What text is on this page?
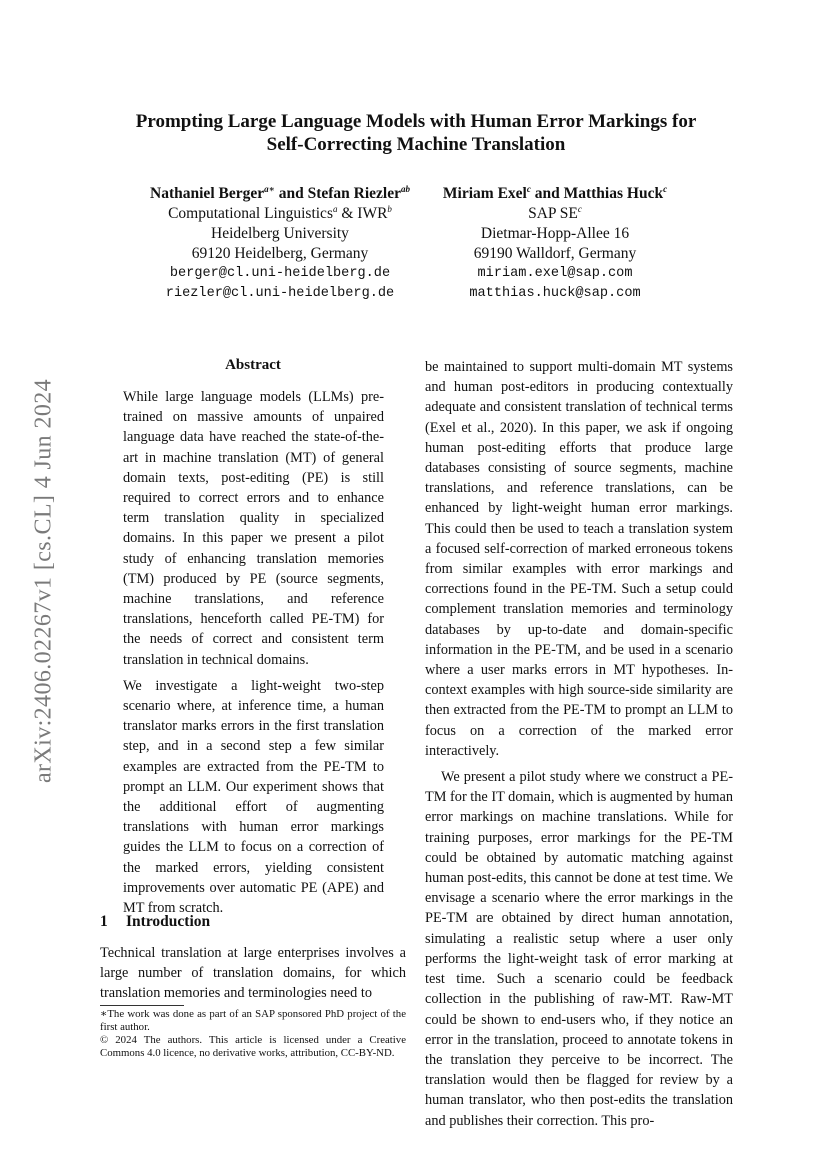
arXiv:2406.02267v1 [cs.CL] 4 Jun 2024
Prompting Large Language Models with Human Error Markings for
Self-Correcting Machine Translation
Nathaniel Berger$^{a∗}$ and Stefan Riezler$^{ab}$
Computational Linguistics$^a$ & IWR$^b$
Heidelberg University
69120 Heidelberg, Germany
berger@cl.uni-heidelberg.de
riezler@cl.uni-heidelberg.de
Miriam Exel$^c$ and Matthias Huck$^c$
SAP $SE^c$
Dietmar-Hopp-Allee 16
69190 Walldorf, Germany
miriam.exel@sap.com
matthias.huck@sap.com
Abstract

While large language models (LLMs) pre-trained on massive amounts of unpaired language data have reached the state-of-the-art in machine translation (MT) of general domain texts, post-editing (PE) is still required to correct errors and to enhance term translation quality in specialized domains. In this paper we present a pilot study of enhancing translation memories (TM) produced by PE (source segments, machine translations, and reference translations, henceforth called PE-TM) for the needs of correct and consistent term translation in technical domains.

We investigate a light-weight two-step scenario where, at inference time, a human translator marks errors in the first translation step, and in a second step a few similar examples are extracted from the PE-TM to prompt an LLM. Our experiment shows that the additional effort of augmenting translations with human error markings guides the LLM to focus on a correction of the marked errors, yielding consistent improvements over automatic PE (APE) and MT from scratch.

1 Introduction

Technical translation at large enterprises involves a large number of translation domains, for which translation memories and terminologies need to

∗The work was done as part of an SAP sponsored PhD project of the first author.

© 2024 The authors. This article is licensed under a Creative Commons 4.0 licence, no derivative works, attribution, CC-BY-ND.

be maintained to support multi-domain MT systems and human post-editors in producing contextually adequate and consistent translation of technical terms (Exel et al., 2020). In this paper, we ask if ongoing human post-editing efforts that produce large databases consisting of source segments, machine translations, and reference translations, can be enhanced by light-weight human error markings. This could then be used to teach a translation system a focused self-correction of marked erroneous tokens from similar examples with error markings and corrections found in the PE-TM. Such a setup could complement translation memories and terminology databases by up-to-date and domain-specific information in the PE-TM, and be used in a scenario where a user marks errors in MT hypotheses. In-context examples with high source-side similarity are then extracted from the PE-TM to prompt an LLM to focus on a correction of the marked error interactively.

We present a pilot study where we construct a PE-TM for the IT domain, which is augmented by human error markings on machine translations. While for training purposes, error markings for the PE-TM could be obtained by automatic matching against human post-edits, this cannot be done at test time. We envisage a scenario where the error markings in the PE-TM are obtained by direct human annotation, simulating a realistic setup where a user only performs the light-weight task of error marking at test time. Such a scenario could be feedback collection in the publishing of raw-MT. Raw-MT could be shown to end-users who, if they notice an error in the translation, proceed to annotate tokens in the translation they perceive to be incorrect. The translation would then be flagged for review by a human translator, who then post-edits the translation and publishes their correction. This pro-
